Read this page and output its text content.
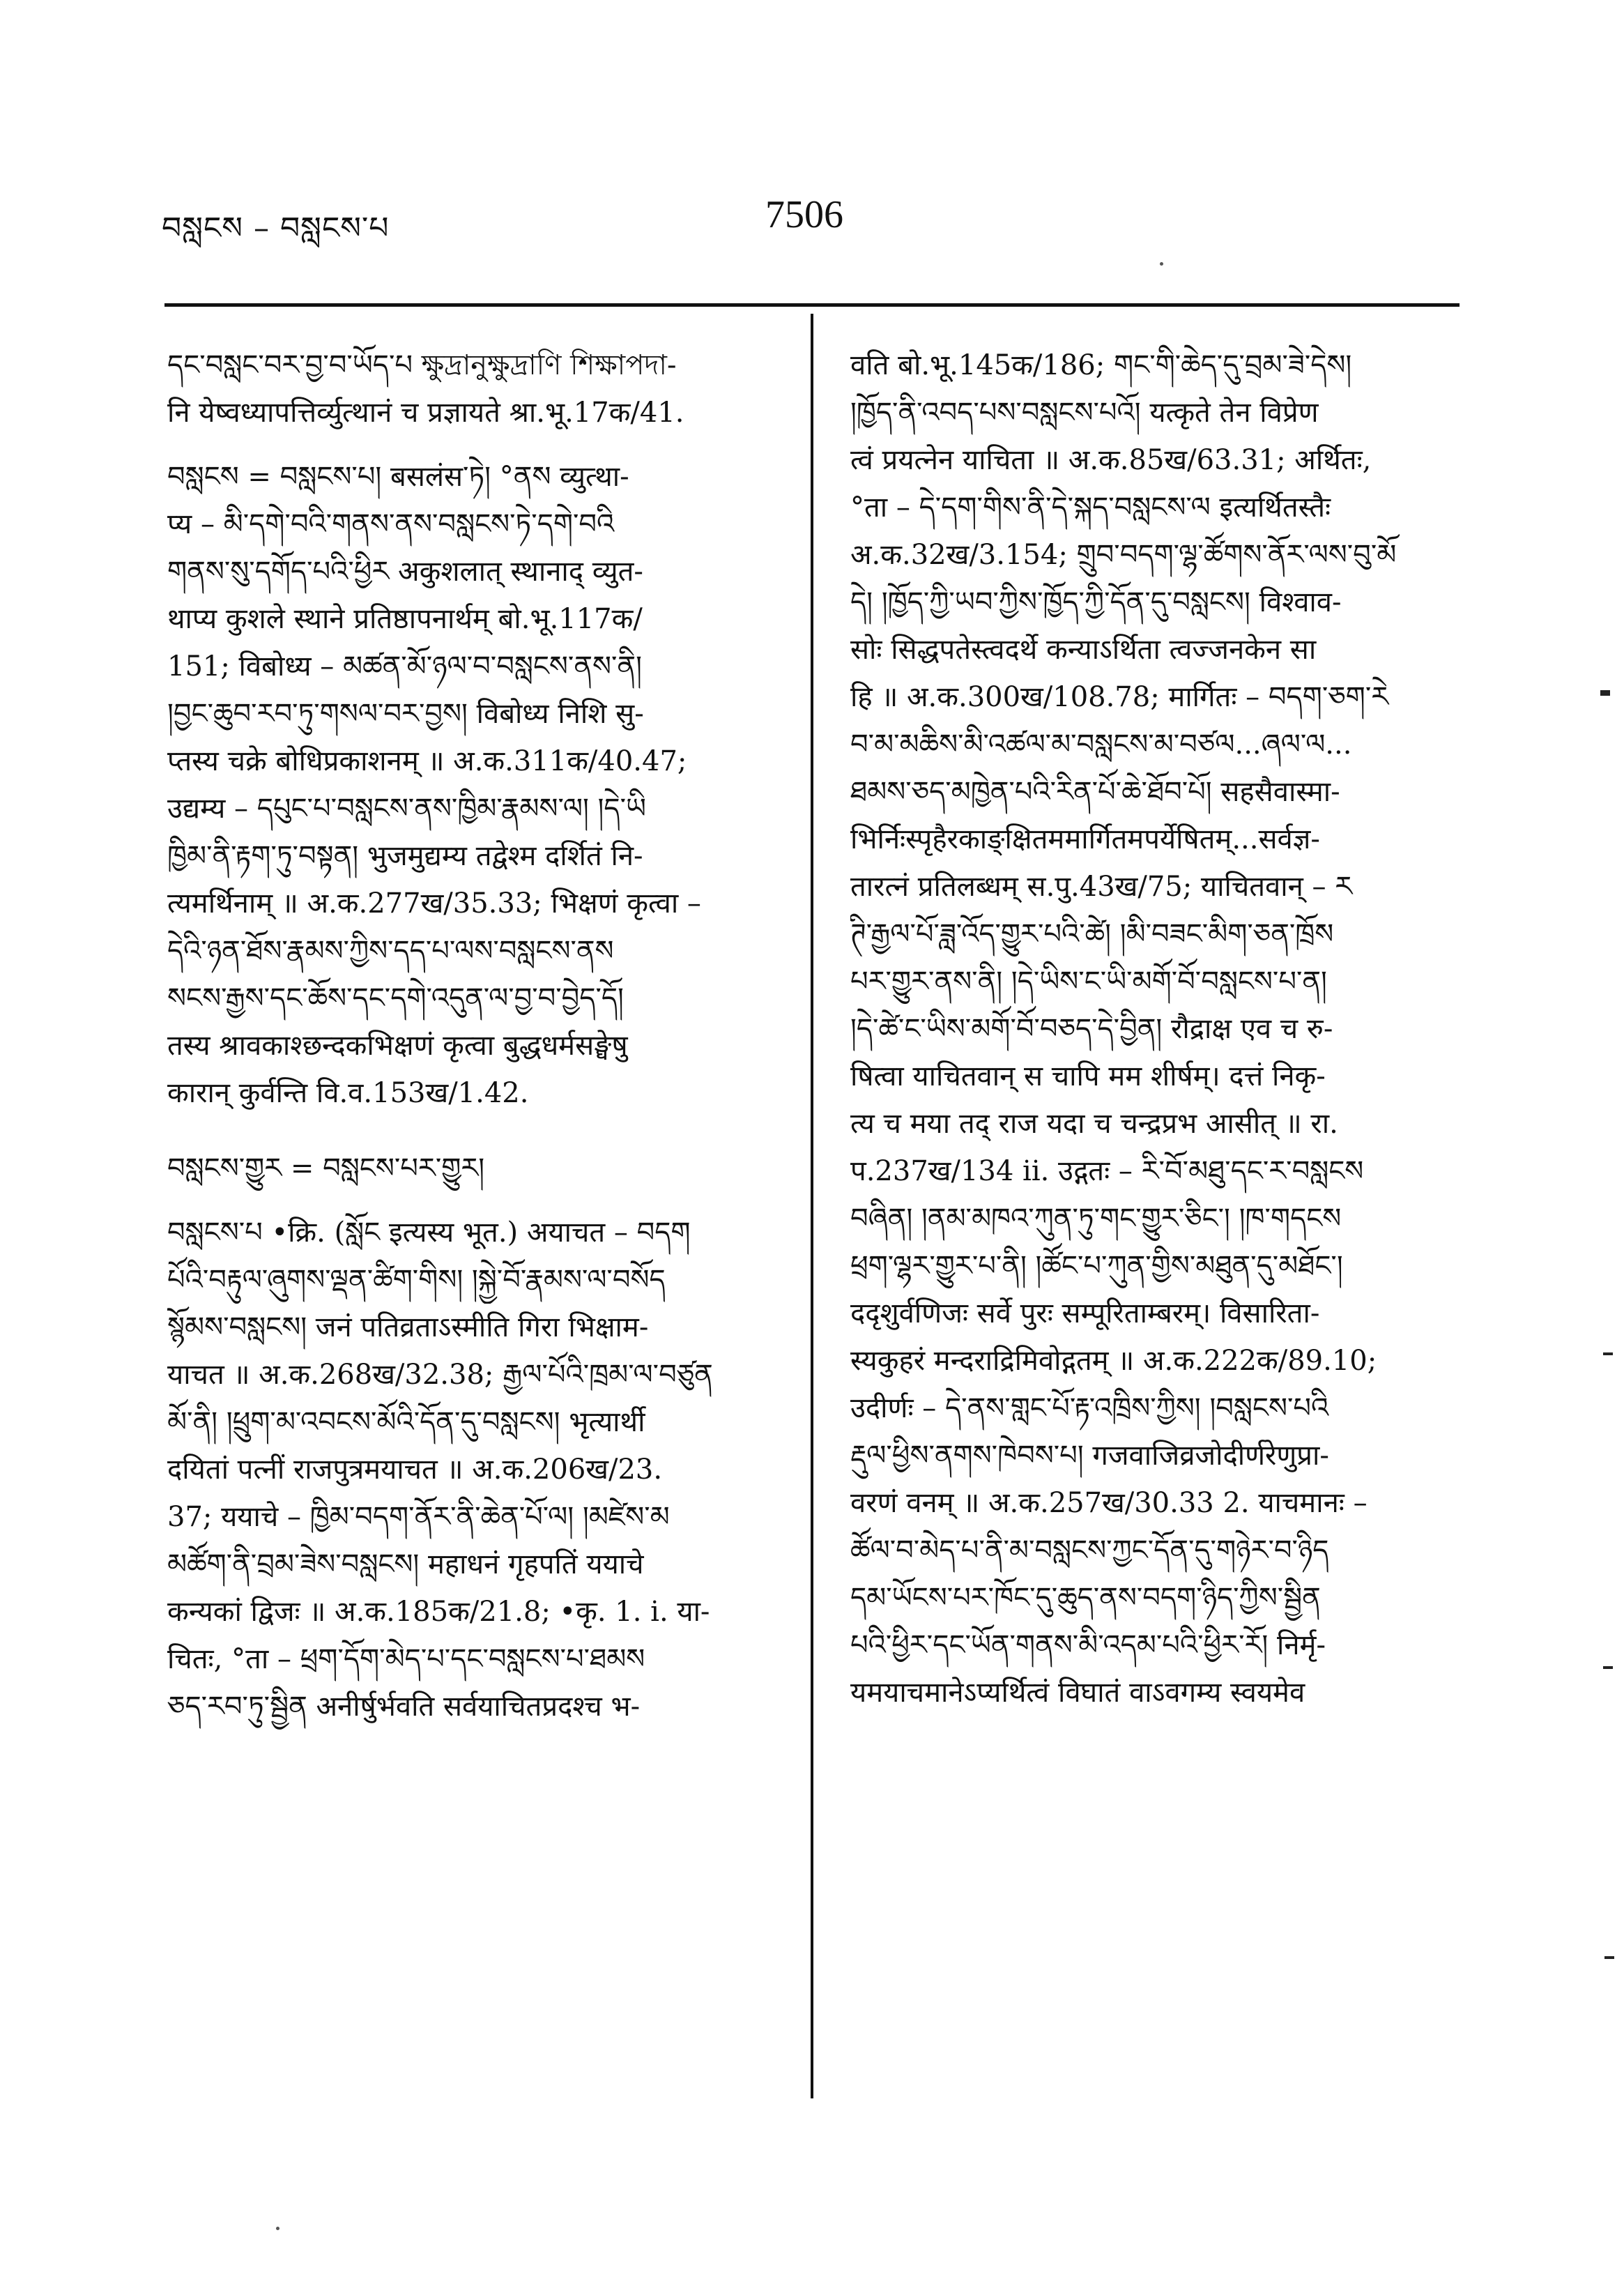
བསླངས – བསླངས་པ	7506
དང་བསླང་བར་བྱ་བ་ཡོད་པ ক্ষুদ্রানুক্ষুদ্রাণি শিক্ষাপদা-
नि येष्वध्यापत्तिर्व्युत्थानं च प्रज्ञायते श्रा.भू.17क/41.
བསླངས = བསླངས་པ། बसलंस་ཏེ། °ནས व्युत्था-
प्य – མི་དགེ་བའི་གནས་ནས་བསླངས་ཏེ་དགེ་བའི
གནས་སུ་དགོད་པའི་ཕྱིར अकुशलात् स्थानाद् व्युत-
थाप्य कुशले स्थाने प्रतिष्ठापनार्थम् बो.भू.117क/
151; विबोध्य – མཚན་མོ་ཉལ་བ་བསླངས་ནས་ནི།
།བྱང་ཆུབ་རབ་ཏུ་གསལ་བར་བྱས། विबोध्य निशि सु-
प्तस्य चक्रे बोधिप्रकाशनम् ॥ अ.क.311क/40.47;
उद्यम्य – དཔུང་པ་བསླངས་ནས་ཁྱིམ་རྣམས་ལ། །དེ་ཡི
ཁྱིམ་ནི་རྟག་ཏུ་བསྟན། भुजमुद्यम्य तद्वेश्म दर्शितं नि-
त्यमर्थिनाम् ॥ अ.क.277ख/35.33; भिक्षणं कृत्वा –
དེའི་ཉན་ཐོས་རྣམས་ཀྱིས་དད་པ་ལས་བསླངས་ནས
སངས་རྒྱས་དང་ཆོས་དང་དགེ་འདུན་ལ་བྱ་བ་བྱེད་དོ།
तस्य श्रावकाश्छन्दकभिक्षणं कृत्वा बुद्धधर्मसङ्घेषु
कारान् कुर्वन्ति वि.व.153ख/1.42.
བསླངས་གྱུར = བསླངས་པར་གྱུར།
བསླངས་པ •क्रि. (སློང इत्यस्य भूत.) अयाचत – བདག
པོའི་བརྟུལ་ཞུགས་ལྡན་ཚིག་གིས། །སྐྱེ་བོ་རྣམས་ལ་བསོད
སྙོམས་བསླངས། जनं पतिव्रताऽस्मीति गिरा भिक्षाम-
याचत ॥ अ.क.268ख/32.38; རྒྱལ་པོའི་ཁྲམ་ལ་བཙུན
མོ་ནི། །ཕྲུག་མ་འབངས་མོའི་དོན་དུ་བསླངས། भृत्यार्थी
दयितां पत्नीं राजपुत्रमयाचत ॥ अ.क.206ख/23.
37; ययाचे – ཁྱིམ་བདག་ནོར་ནི་ཆེན་པོ་ལ། །མཛེས་མ
མཚོག་ནི་བྲམ་ཟེས་བསླངས། महाधनं गृहपतिं ययाचे
कन्यकां द्विजः ॥ अ.क.185क/21.8; •कृ. 1. i. या-
चितः, °ता – ཕྲག་དོག་མེད་པ་དང་བསླངས་པ་ཐམས
ཅད་རབ་ཏུ་སྦྱིན अनीर्षुर्भवति सर्वयाचितप्रदश्च भ-
वति बो.भू.145क/186; གང་གི་ཆེད་དུ་བྲམ་ཟེ་དེས།
།ཁྱོད་ནི་འབད་པས་བསླངས་པའོ། यत्कृते तेन विप्रेण
त्वं प्रयत्नेन याचिता ॥ अ.क.85ख/63.31; अर्थितः,
°ता – དེ་དག་གིས་ནི་དེ་སྐད་བསླངས་ལ इत्यर्थितस्तैः
अ.क.32ख/3.154; གྲུབ་བདག་ལྷ་ཚོགས་ནོར་ལས་བུ་མོ
དེ། །ཁྱོད་ཀྱི་ཡབ་ཀྱིས་ཁྱོད་ཀྱི་དོན་དུ་བསླངས། विश्वाव-
सोः सिद्धपतेस्त्वदर्थे कन्याऽर्थिता त्वज्जनकेन सा
हि ॥ अ.क.300ख/108.78; मार्गितः – བདག་ཅག་རེ
བ་མ་མཆིས་མི་འཚལ་མ་བསླངས་མ་བཙལ...ཞལ་ལ...
ཐམས་ཅད་མཁྱེན་པའི་རིན་པོ་ཆེ་ཐོབ་པོ། सहसैवास्मा-
भिर्निःस्पृहैरकाङ्क्षितममार्गितमपर्येषितम्...सर्वज्ञ-
तारत्नं प्रतिलब्धम् स.पु.43ख/75; याचितवान् – ར
ཊི་རྒྱལ་པོ་ཟླ་འོད་གྱུར་པའི་ཚེ། །མི་བཟང་མིག་ཅན་ཁྲོས
པར་གྱུར་ནས་ནི། །དེ་ཡིས་ང་ཡི་མགོ་བོ་བསླངས་པ་ན།
།དེ་ཚེ་ང་ཡིས་མགོ་བོ་བཅད་དེ་བྱིན། रौद्राक्ष एव च रु-
षित्वा याचितवान् स चापि मम शीर्षम्। दत्तं निकृ-
त्य च मया तद् राज यदा च चन्द्रप्रभ आसीत् ॥ रा.
प.237ख/134 ii. उद्गतः – རི་བོ་མཐུ་དང་ར་བསླངས
བཞིན། །ནམ་མཁའ་ཀུན་ཏུ་གང་གྱུར་ཅིང་། །ཁ་གདངས
ཕྲག་ལྷར་གྱུར་པ་ནི། །ཚོང་པ་ཀུན་གྱིས་མཐུན་དུ་མཐོང་།
ददृशुर्वणिजः सर्वे पुरः सम्पूरिताम्बरम्। विसारिता-
स्यकुहरं मन्दराद्रिमिवोद्गतम् ॥ अ.क.222क/89.10;
उदीर्णः – དེ་ནས་གླང་པོ་རྟ་འཁྲིས་ཀྱིས། །བསླངས་པའི
རྡུལ་ཕྱིས་ནགས་ཁེབས་པ། गजवाजिव्रजोदीर्णरेणुप्रा-
वरणं वनम् ॥ अ.क.257ख/30.33 2. याचमानः –
ཚོལ་བ་མེད་པ་ནི་མ་བསླངས་ཀྱང་དོན་དུ་གཉེར་བ་ཉིད
དམ་ཡོངས་པར་ཁོང་དུ་ཆུད་ནས་བདག་ཉིད་ཀྱིས་སྦྱིན
པའི་ཕྱིར་དང་ཡོན་གནས་མི་འདམ་པའི་ཕྱིར་རོ། निर्मृ-
यमयाचमानेऽप्यर्थित्वं विघातं वाऽवगम्य स्वयमेव
